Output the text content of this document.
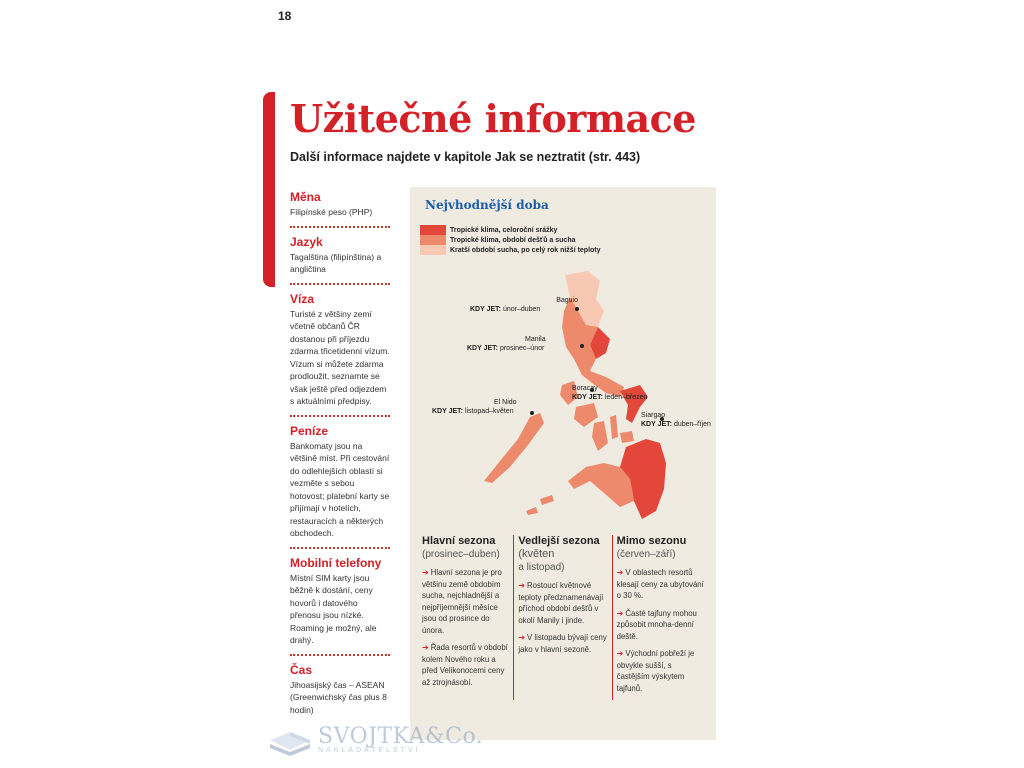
18
Užitečné informace
Další informace najdete v kapitole Jak se neztratit (str. 443)
Měna

Filipínské peso (PHP)

Jazyk

Tagalština (filipínština) a angličtina

Víza

Turisté z většiny zemí včetně občanů ČR dostanou při příjezdu zdarma třicetidenní vízum. Vízum si můžete zdarma prodloužit, seznamte se však ještě před odjezdem s aktuálními předpisy.

Peníze

Bankomaty jsou na většině míst. Při cestování do odlehlejších oblastí si vezměte s sebou hotovost; platební karty se přijímají v hotelích, restauracích a některých obchodech.

Mobilní telefony

Místní SIM karty jsou běžně k dostání, ceny hovorů i datového přenosu jsou nízké. Roaming je možný, ale drahý.

Čas

Jihoasijský čas – ASEAN (Greenwichský čas plus 8 hodin)

Nejvhodnější doba
Tropické klima, celoroční srážky
Tropické klima, období dešťů a sucha
Kratší období sucha, po celý rok nižší teploty
Baguio
KDY JET: únor–duben
Manila
KDY JET: prosinec–únor
Boracay
KDY JET: leden–březen
El Nido
KDY JET: listopad–květen
Siargao
KDY JET: duben–říjen
Hlavní sezona
(prosinec–duben)
➔ Hlavní sezona je pro většinu země obdobím sucha, nejchladnější a nejpříjemnější měsíce jsou od prosince do února.
➔ Řada resortů v období kolem Nového roku a před Velikonocemi ceny až ztrojnásobí.
Vedlejší sezona (květen
a listopad)
➔ Rostoucí květnové teploty předznamenávají příchod období dešťů v okolí Manily i jinde.
➔ V listopadu bývají ceny jako v hlavní sezoně.
Mimo sezonu
(červen–září)
➔ V oblastech resortů klesají ceny za ubytování o 30 %.
➔ Časté tajfuny mohou způsobit mnoha-denní deště.
➔ Východní pobřeží je obvykle sušší, s častějším výskytem tajfunů.
SVOJTKA&Co.
NAKLADATELSTVÍ
